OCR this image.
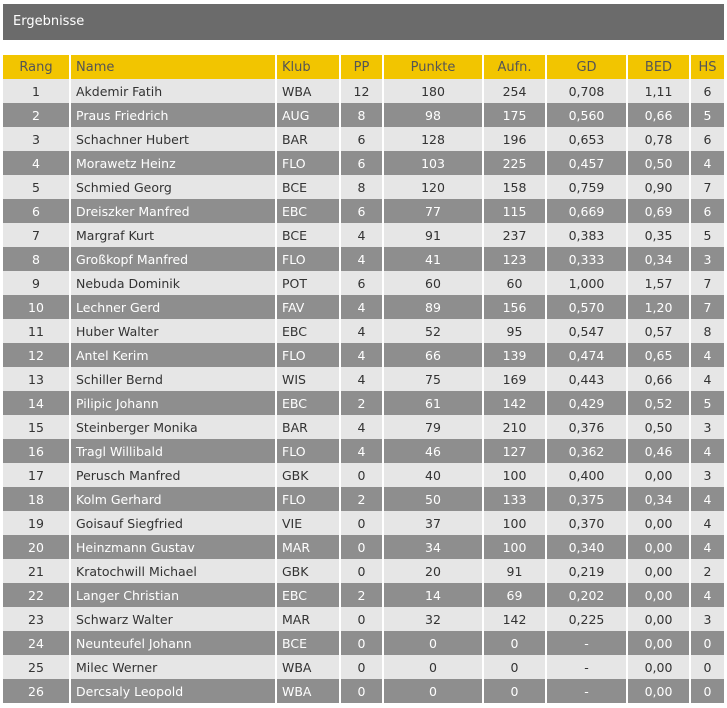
Ergebnisse
Rang	Name	Klub	PP	Punkte	Aufn.	GD	BED	HS
1	Akdemir Fatih	WBA	12	180	254	0,708	1,11	6
2	Praus Friedrich	AUG	8	98	175	0,560	0,66	5
3	Schachner Hubert	BAR	6	128	196	0,653	0,78	6
4	Morawetz Heinz	FLO	6	103	225	0,457	0,50	4
5	Schmied Georg	BCE	8	120	158	0,759	0,90	7
6	Dreiszker Manfred	EBC	6	77	115	0,669	0,69	6
7	Margraf Kurt	BCE	4	91	237	0,383	0,35	5
8	Großkopf Manfred	FLO	4	41	123	0,333	0,34	3
9	Nebuda Dominik	POT	6	60	60	1,000	1,57	7
10	Lechner Gerd	FAV	4	89	156	0,570	1,20	7
11	Huber Walter	EBC	4	52	95	0,547	0,57	8
12	Antel Kerim	FLO	4	66	139	0,474	0,65	4
13	Schiller Bernd	WIS	4	75	169	0,443	0,66	4
14	Pilipic Johann	EBC	2	61	142	0,429	0,52	5
15	Steinberger Monika	BAR	4	79	210	0,376	0,50	3
16	Tragl Willibald	FLO	4	46	127	0,362	0,46	4
17	Perusch Manfred	GBK	0	40	100	0,400	0,00	3
18	Kolm Gerhard	FLO	2	50	133	0,375	0,34	4
19	Goisauf Siegfried	VIE	0	37	100	0,370	0,00	4
20	Heinzmann Gustav	MAR	0	34	100	0,340	0,00	4
21	Kratochwill Michael	GBK	0	20	91	0,219	0,00	2
22	Langer Christian	EBC	2	14	69	0,202	0,00	4
23	Schwarz Walter	MAR	0	32	142	0,225	0,00	3
24	Neunteufel Johann	BCE	0	0	0	-	0,00	0
25	Milec Werner	WBA	0	0	0	-	0,00	0
26	Dercsaly Leopold	WBA	0	0	0	-	0,00	0
